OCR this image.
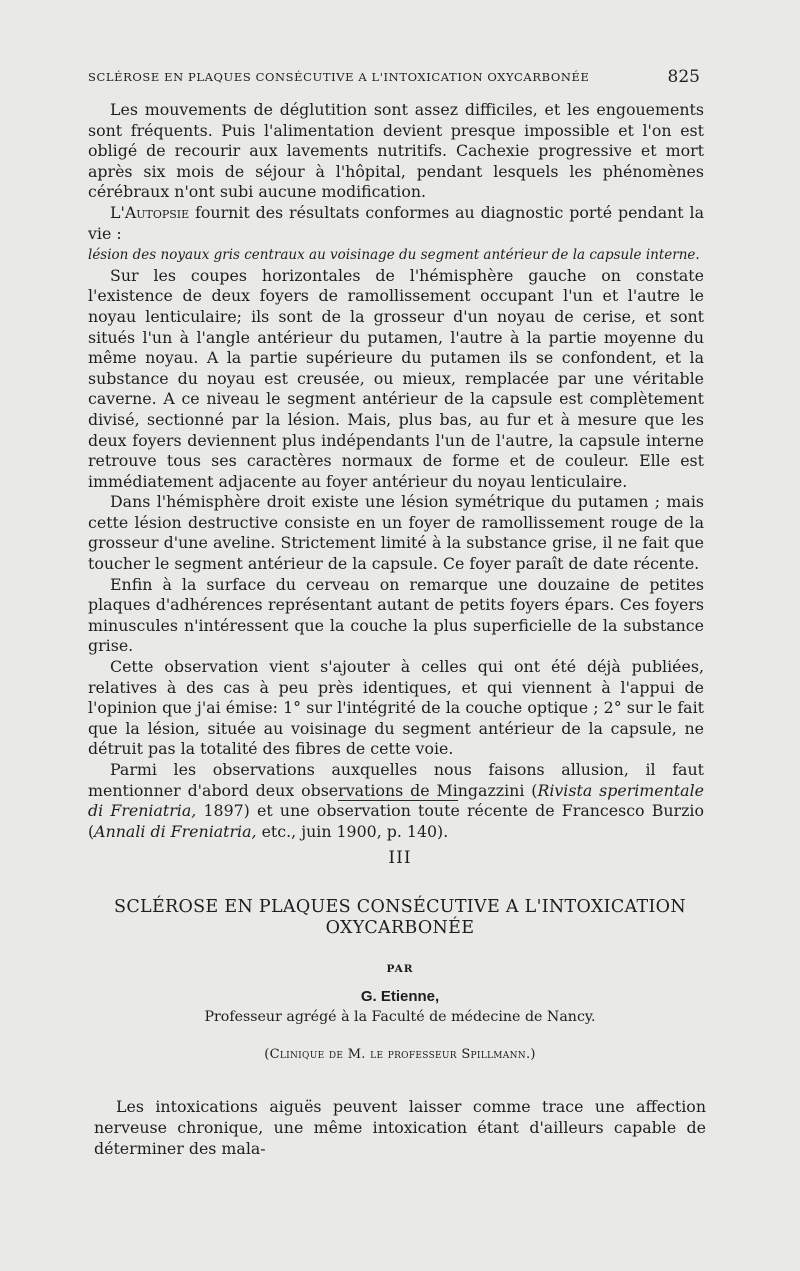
SCLÉROSE EN PLAQUES CONSÉCUTIVE A L'INTOXICATION OXYCARBONÉE	825

Les mouvements de déglutition sont assez difficiles, et les engouements sont fréquents. Puis l'alimentation devient presque impossible et l'on est obligé de recourir aux lavements nutritifs. Cachexie progressive et mort après six mois de séjour à l'hôpital, pendant lesquels les phénomènes cérébraux n'ont subi aucune modification.

L'Autopsie fournit des résultats conformes au diagnostic porté pendant la vie :
lésion des noyaux gris centraux au voisinage du segment antérieur de la capsule interne.

Sur les coupes horizontales de l'hémisphère gauche on constate l'existence de deux foyers de ramollissement occupant l'un et l'autre le noyau lenticulaire; ils sont de la grosseur d'un noyau de cerise, et sont situés l'un à l'angle antérieur du putamen, l'autre à la partie moyenne du même noyau. A la partie supérieure du putamen ils se confondent, et la substance du noyau est creusée, ou mieux, remplacée par une véritable caverne. A ce niveau le segment antérieur de la capsule est complètement divisé, sectionné par la lésion. Mais, plus bas, au fur et à mesure que les deux foyers deviennent plus indépendants l'un de l'autre, la capsule interne retrouve tous ses caractères normaux de forme et de couleur. Elle est immédiatement adjacente au foyer antérieur du noyau lenticulaire.

Dans l'hémisphère droit existe une lésion symétrique du putamen ; mais cette lésion destructive consiste en un foyer de ramollissement rouge de la grosseur d'une aveline. Strictement limité à la substance grise, il ne fait que toucher le segment antérieur de la capsule. Ce foyer paraît de date récente.

Enfin à la surface du cerveau on remarque une douzaine de petites plaques d'adhérences représentant autant de petits foyers épars. Ces foyers minuscules n'intéressent que la couche la plus superficielle de la substance grise.

Cette observation vient s'ajouter à celles qui ont été déjà publiées, relatives à des cas à peu près identiques, et qui viennent à l'appui de l'opinion que j'ai émise: 1° sur l'intégrité de la couche optique ; 2° sur le fait que la lésion, située au voisinage du segment antérieur de la capsule, ne détruit pas la totalité des fibres de cette voie.

Parmi les observations auxquelles nous faisons allusion, il faut mentionner d'abord deux observations de Mingazzini (Rivista sperimentale di Freniatria, 1897) et une observation toute récente de Francesco Burzio (Annali di Freniatria, etc., juin 1900, p. 140).

III
SCLÉROSE EN PLAQUES CONSÉCUTIVE A L'INTOXICATION
OXYCARBONÉE
PAR
G. Etienne,
Professeur agrégé à la Faculté de médecine de Nancy.
(Clinique de M. le professeur Spillmann.)

Les intoxications aiguës peuvent laisser comme trace une affection nerveuse chronique, une même intoxication étant d'ailleurs capable de déterminer des mala-
